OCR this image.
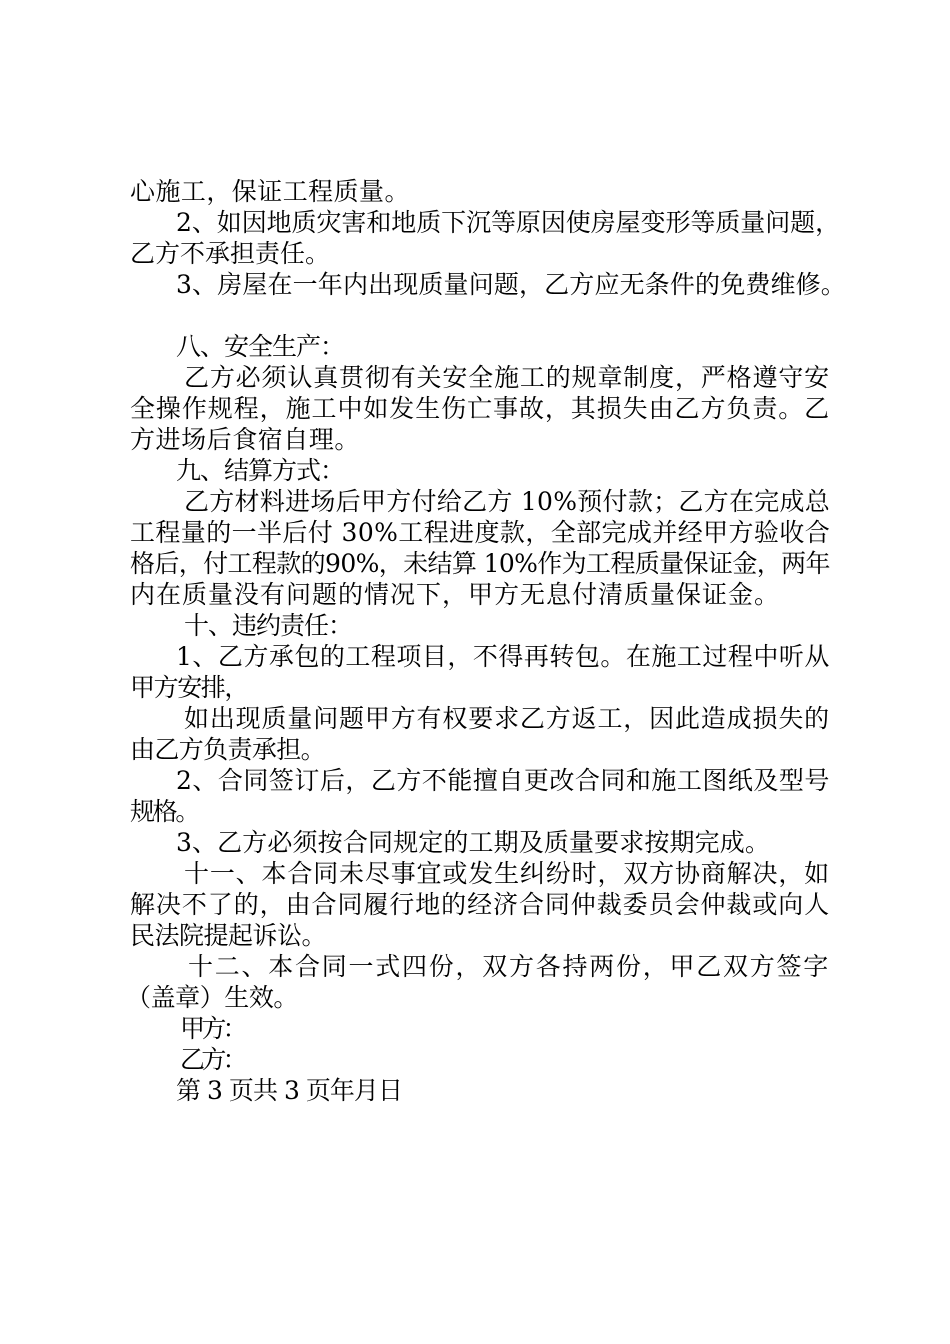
心施工，保证工程质量。
2、如因地质灾害和地质下沉等原因使房屋变形等质量问题，
乙方不承担责任。
3、房屋在一年内出现质量问题，乙方应无条件的免费维修。
八、安全生产：
乙方必须认真贯彻有关安全施工的规章制度，严格遵守安
全操作规程，施工中如发生伤亡事故，其损失由乙方负责。乙
方进场后食宿自理。
九、结算方式：
乙方材料进场后甲方付给乙方 10%预付款；乙方在完成总
工程量的一半后付 30%工程进度款，全部完成并经甲方验收合
格后，付工程款的90%，未结算 10%作为工程质量保证金，两年
内在质量没有问题的情况下，甲方无息付清质量保证金。
十、违约责任：
1、乙方承包的工程项目，不得再转包。在施工过程中听从
甲方安排，
如出现质量问题甲方有权要求乙方返工，因此造成损失的
由乙方负责承担。
2、合同签订后，乙方不能擅自更改合同和施工图纸及型号
规格。
3、乙方必须按合同规定的工期及质量要求按期完成。
十一、本合同未尽事宜或发生纠纷时，双方协商解决，如
解决不了的，由合同履行地的经济合同仲裁委员会仲裁或向人
民法院提起诉讼。
十二、本合同一式四份，双方各持两份，甲乙双方签字
（盖章）生效。
甲方：
乙方：
第 3 页共 3 页年月日
